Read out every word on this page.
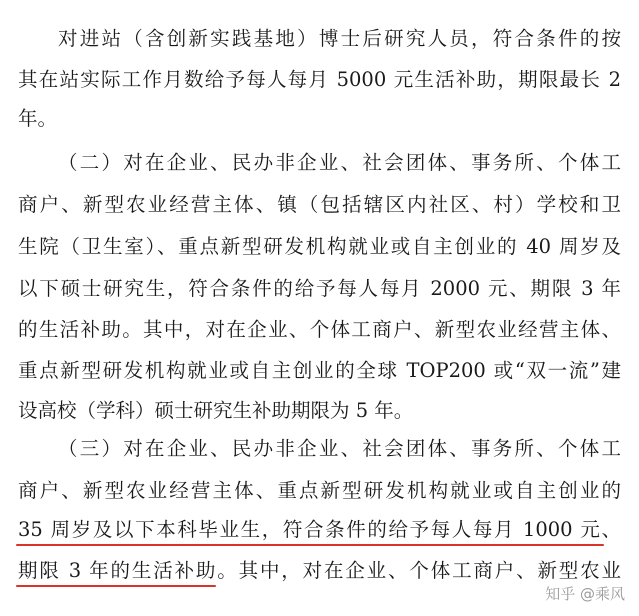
对进站（含创新实践基地）博士后研究人员，符合条件的按
其在站实际工作月数给予每人每月 5000 元生活补助，期限最长 2
年。
（二）对在企业、民办非企业、社会团体、事务所、个体工
商户、新型农业经营主体、镇（包括辖区内社区、村）学校和卫
生院（卫生室）、重点新型研发机构就业或自主创业的 40 周岁及
以下硕士研究生，符合条件的给予每人每月 2000 元、期限 3 年
的生活补助。其中，对在企业、个体工商户、新型农业经营主体、
重点新型研发机构就业或自主创业的全球 TOP200 或“双一流”建
设高校（学科）硕士研究生补助期限为 5 年。
（三）对在企业、民办非企业、社会团体、事务所、个体工
商户、新型农业经营主体、重点新型研发机构就业或自主创业的
35 周岁及以下本科毕业生，符合条件的给予每人每月 1000 元、
期限 3 年的生活补助。其中，对在企业、个体工商户、新型农业
知乎 @乘风
